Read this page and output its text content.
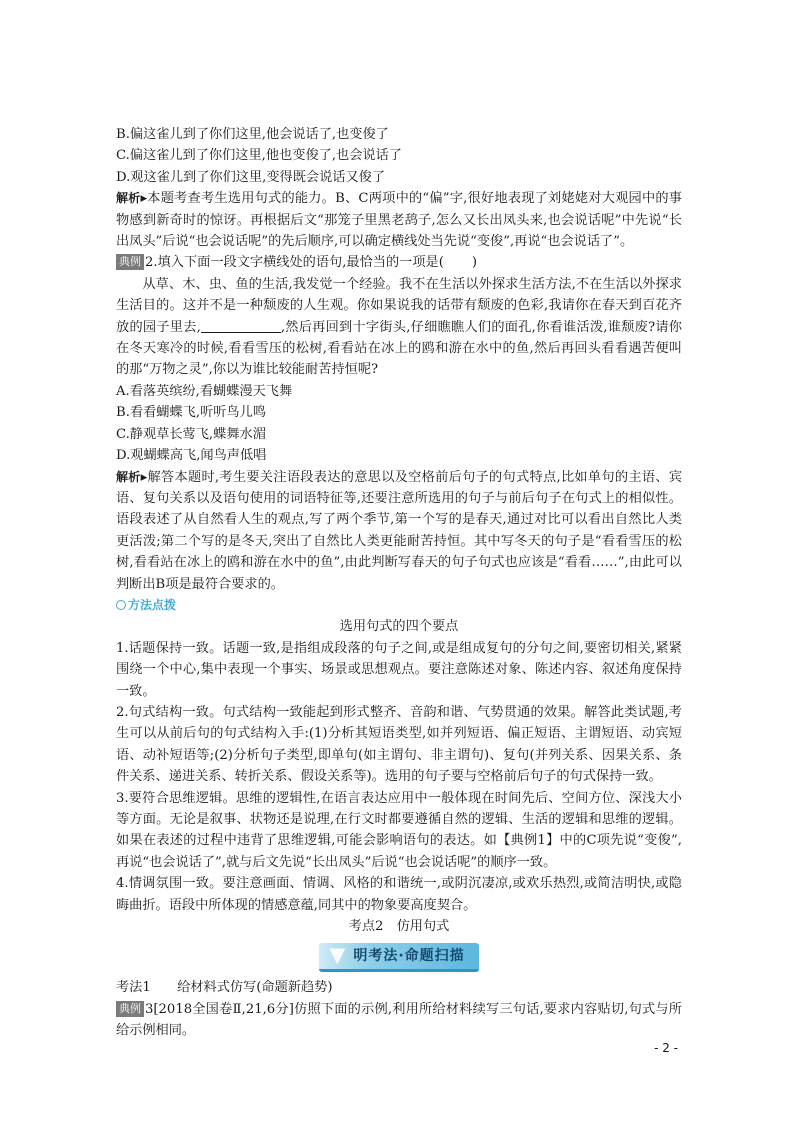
B.偏这雀儿到了你们这里,他会说话了,也变俊了

C.偏这雀儿到了你们这里,他也变俊了,也会说话了

D.观这雀儿到了你们这里,变得既会说话又俊了

解析▸本题考查考生选用句式的能力。B、C两项中的“偏”字,很好地表现了刘姥姥对大观园中的事物感到新奇时的惊讶。再根据后文“那笼子里黑老鸹子,怎么又长出凤头来,也会说话呢”中先说“长出凤头”后说“也会说话呢”的先后顺序,可以确定横线处当先说“变俊”,再说“也会说话了”。

典例 2.填入下面一段文字横线处的语句,最恰当的一项是( )

从草、木、虫、鱼的生活,我发觉一个经验。我不在生活以外探求生活方法,不在生活以外探求生活目的。这并不是一种颓废的人生观。你如果说我的话带有颓废的色彩,我请你在春天到百花齐放的园子里去,	,然后再回到十字街头,仔细瞧瞧人们的面孔,你看谁活泼,谁颓废?请你在冬天寒冷的时候,看看雪压的松树,看看站在冰上的鸥和游在水中的鱼,然后再回头看看遇苦便叫的那“万物之灵”,你以为谁比较能耐苦持恒呢?

A.看落英缤纷,看蝴蝶漫天飞舞

B.看看蝴蝶飞,听听鸟儿鸣

C.静观草长莺飞,蝶舞水湄

D.观蝴蝶高飞,闻鸟声低唱

解析▸解答本题时,考生要关注语段表达的意思以及空格前后句子的句式特点,比如单句的主语、宾语、复句关系以及语句使用的词语特征等,还要注意所选用的句子与前后句子在句式上的相似性。语段表述了从自然看人生的观点,写了两个季节,第一个写的是春天,通过对比可以看出自然比人类更活泼;第二个写的是冬天,突出了自然比人类更能耐苦持恒。其中写冬天的句子是“看看雪压的松树,看看站在冰上的鸥和游在水中的鱼”,由此判断写春天的句子句式也应该是“看看……”,由此可以判断出B项是最符合要求的。

方法点拨

选用句式的四个要点

1.话题保持一致。话题一致,是指组成段落的句子之间,或是组成复句的分句之间,要密切相关,紧紧围绕一个中心,集中表现一个事实、场景或思想观点。要注意陈述对象、陈述内容、叙述角度保持一致。

2.句式结构一致。句式结构一致能起到形式整齐、音韵和谐、气势贯通的效果。解答此类试题,考生可以从前后句的句式结构入手:(1)分析其短语类型,如并列短语、偏正短语、主谓短语、动宾短语、动补短语等;(2)分析句子类型,即单句(如主谓句、非主谓句)、复句(并列关系、因果关系、条件关系、递进关系、转折关系、假设关系等)。选用的句子要与空格前后句子的句式保持一致。

3.要符合思维逻辑。思维的逻辑性,在语言表达应用中一般体现在时间先后、空间方位、深浅大小等方面。无论是叙事、状物还是说理,在行文时都要遵循自然的逻辑、生活的逻辑和思维的逻辑。如果在表述的过程中违背了思维逻辑,可能会影响语句的表达。如【典例1】中的C项先说“变俊”,再说“也会说话了”,就与后文先说“长出凤头”后说“也会说话呢”的顺序一致。

4.情调氛围一致。要注意画面、情调、风格的和谐统一,或阴沉凄凉,或欢乐热烈,或简洁明快,或隐晦曲折。语段中所体现的情感意蕴,同其中的物象要高度契合。

考点2　仿用句式

明考法·命题扫描

考法1　　给材料式仿写(命题新趋势)

典例 3[2018全国卷Ⅱ,21,6分]仿照下面的示例,利用所给材料续写三句话,要求内容贴切,句式与所给示例相同。

- 2 -
